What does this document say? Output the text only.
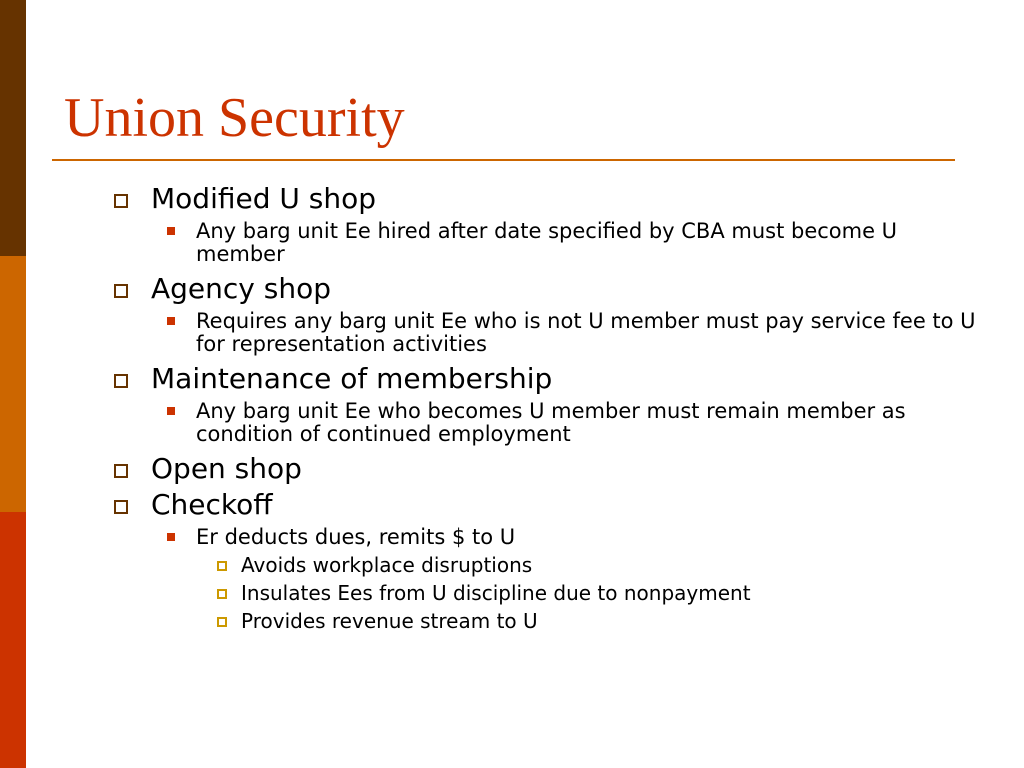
Union Security
Modified U shop
Any barg unit Ee hired after date specified by CBA must become U member
Agency shop
Requires any barg unit Ee who is not U member must pay service fee to U for representation activities
Maintenance of membership
Any barg unit Ee who becomes U member must remain member as condition of continued employment
Open shop
Checkoff
Er deducts dues, remits $ to U
Avoids workplace disruptions
Insulates Ees from U discipline due to nonpayment
Provides revenue stream to U
